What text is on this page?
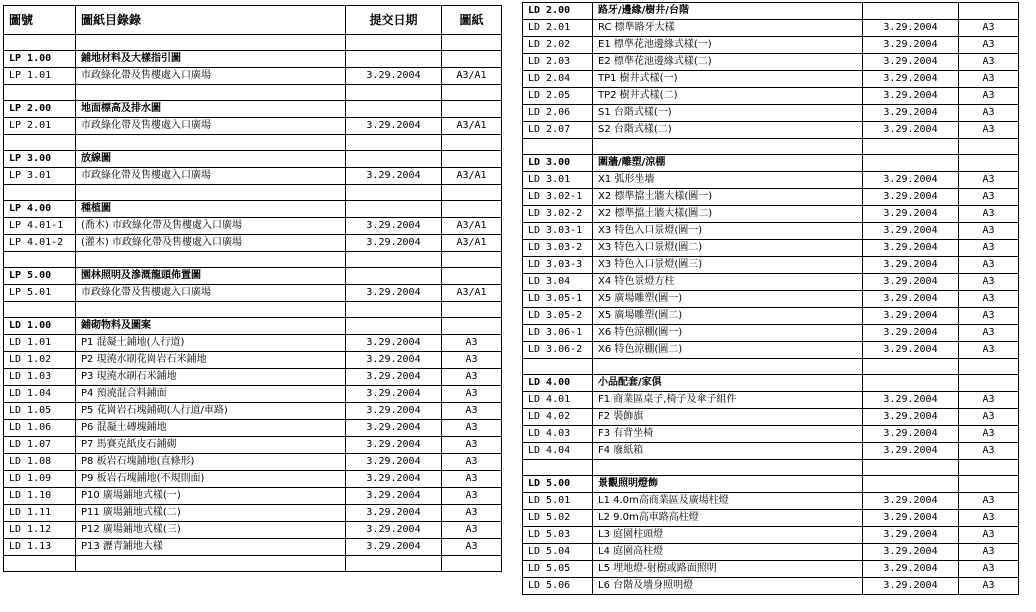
圖號	圖紙目錄錄	提交日期	圖紙

LP 1.00	鋪地材料及大樣指引圖		
LP 1.01	市政綠化帶及售樓處入口廣場	3.29.2004	A3/A1

LP 2.00	地面標高及排水圖		
LP 2.01	市政綠化帶及售樓處入口廣場	3.29.2004	A3/A1

LP 3.00	放線圖		
LP 3.01	市政綠化帶及售樓處入口廣場	3.29.2004	A3/A1

LP 4.00	種植圖		
LP 4.01-1	(喬木) 市政綠化帶及售樓處入口廣場	3.29.2004	A3/A1
LP 4.01-2	(灌木) 市政綠化帶及售樓處入口廣場	3.29.2004	A3/A1

LP 5.00	園林照明及滲溉龍頭佈置圖		
LP 5.01	市政綠化帶及售樓處入口廣場	3.29.2004	A3/A1

LD 1.00	鋪砌物料及圖案		
LD 1.01	P1 混凝土鋪地(人行道)	3.29.2004	A3
LD 1.02	P2 現澆水刷花崗岩石米鋪地	3.29.2004	A3
LD 1.03	P3 現澆水刷石米鋪地	3.29.2004	A3
LD 1.04	P4 預澆混合料鋪面	3.29.2004	A3
LD 1.05	P5 花崗岩石塊鋪砌(人行道/車路)	3.29.2004	A3
LD 1.06	P6 混凝土磚塊鋪地	3.29.2004	A3
LD 1.07	P7 馬賽克紙皮石鋪砌	3.29.2004	A3
LD 1.08	P8 板岩石塊鋪地(直條形)	3.29.2004	A3
LD 1.09	P9 板岩石塊鋪地(不規則面)	3.29.2004	A3
LD 1.10	P10 廣場鋪地式樣(一)	3.29.2004	A3
LD 1.11	P11 廣場鋪地式樣(二)	3.29.2004	A3
LD 1.12	P12 廣場鋪地式樣(三)	3.29.2004	A3
LD 1.13	P13 瀝青鋪地大樣	3.29.2004	A3

LD 2.00	路牙/邊緣/樹井/台階		
LD 2.01	RC 標準路牙大樣	3.29.2004	A3
LD 2.02	E1 標準花池邊緣式樣(一)	3.29.2004	A3
LD 2.03	E2 標準花池邊緣式樣(二)	3.29.2004	A3
LD 2.04	TP1 樹井式樣(一)	3.29.2004	A3
LD 2.05	TP2 樹井式樣(二)	3.29.2004	A3
LD 2.06	S1 台階式樣(一)	3.29.2004	A3
LD 2.07	S2 台階式樣(二)	3.29.2004	A3

LD 3.00	圍牆/雕塑/涼棚		
LD 3.01	X1 弧形坐墻	3.29.2004	A3
LD 3.02-1	X2 標準擋土牆大樣(圖一)	3.29.2004	A3
LD 3.02-2	X2 標準擋土牆大樣(圖二)	3.29.2004	A3
LD 3.03-1	X3 特色入口景燈(圖一)	3.29.2004	A3
LD 3.03-2	X3 特色入口景燈(圖二)	3.29.2004	A3
LD 3.03-3	X3 特色入口景燈(圖三)	3.29.2004	A3
LD 3.04	X4 特色景燈方柱	3.29.2004	A3
LD 3.05-1	X5 廣場雕塑(圖一)	3.29.2004	A3
LD 3.05-2	X5 廣場雕塑(圖二)	3.29.2004	A3
LD 3.06-1	X6 特色涼棚(圖一)	3.29.2004	A3
LD 3.06-2	X6 特色涼棚(圖二)	3.29.2004	A3

LD 4.00	小品配套/家俱		
LD 4.01	F1 商業區桌子,椅子及傘子組件	3.29.2004	A3
LD 4.02	F2 裝飾旗	3.29.2004	A3
LD 4.03	F3 有背坐椅	3.29.2004	A3
LD 4.04	F4 廢紙箱	3.29.2004	A3

LD 5.00	景觀照明燈飾		
LD 5.01	L1 4.0m高商業區及廣場柱燈	3.29.2004	A3
LD 5.02	L2 9.0m高車路高柱燈	3.29.2004	A3
LD 5.03	L3 庭園柱頭燈	3.29.2004	A3
LD 5.04	L4 庭園高柱燈	3.29.2004	A3
LD 5.05	L5 埋地燈-射樹或路面照明	3.29.2004	A3
LD 5.06	L6 台階及墻身照明燈	3.29.2004	A3
